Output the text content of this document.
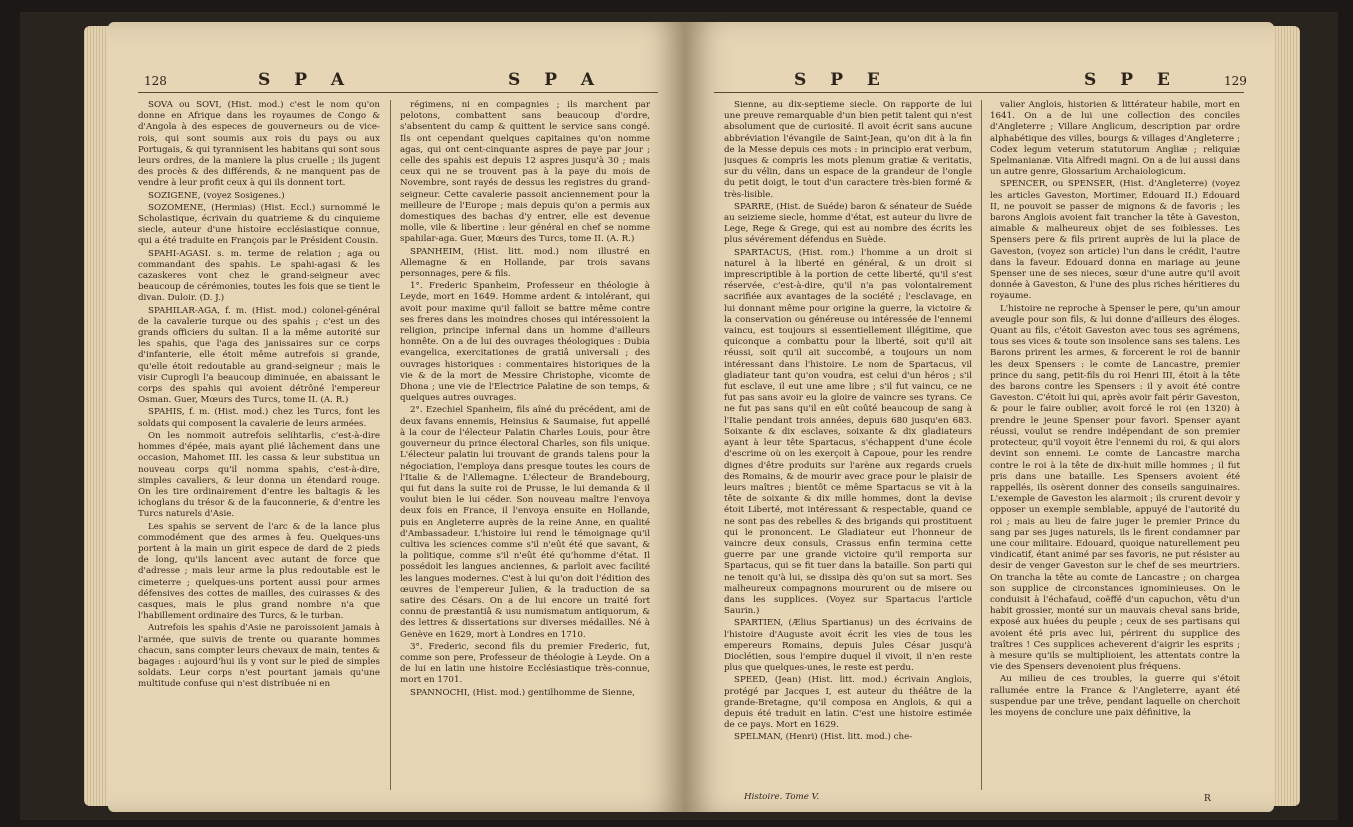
128	S P A	S P A

SOVA ou SOVI, (Hist. mod.) c'est le nom qu'on donne en Afrique dans les royaumes de Congo & d'Angola à des especes de gouverneurs ou de vice-rois, qui sont soumis aux rois du pays ou aux Portugais, & qui tyrannisent les habitans qui sont sous leurs ordres, de la maniere la plus cruelle ; ils jugent des procès & des différends, & ne manquent pas de vendre à leur profit ceux à qui ils donnent tort.

SOZIGENE, (voyez Sosigenes.)

SOZOMENE, (Hermias) (Hist. Eccl.) surnommé le Scholastique, écrivain du quatrieme & du cinquieme siecle, auteur d'une histoire ecclésiastique connue, qui a été traduite en François par le Président Cousin.

SPAHI-AGASI. s. m. terme de relation ; aga ou commandant des spahis. Le spahi-agasi & les cazaskeres vont chez le grand-seigneur avec beaucoup de cérémonies, toutes les fois que se tient le divan. Duloir. (D. J.)

SPAHILAR-AGA, f. m. (Hist. mod.) colonel-général de la cavalerie turque ou des spahis ; c'est un des grands officiers du sultan. Il a la même autorité sur les spahis, que l'aga des janissaires sur ce corps d'infanterie, elle étoit même autrefois si grande, qu'elle étoit redoutable au grand-seigneur ; mais le visir Cuprogli l'a beaucoup diminuée, en abaissant le corps des spahis qui avoient détrôné l'empereur Osman. Guer, Mœurs des Turcs, tome II. (A. R.)

SPAHIS, f. m. (Hist. mod.) chez les Turcs, font les soldats qui composent la cavalerie de leurs armées.

On les nommoit autrefois selihtarlis, c'est-à-dire hommes d'épée, mais ayant plié lâchement dans une occasion, Mahomet III. les cassa & leur substitua un nouveau corps qu'il nomma spahis, c'est-à-dire, simples cavaliers, & leur donna un étendard rouge. On les tire ordinairement d'entre les baltagis & les ichoglans du trésor & de la fauconnerie, & d'entre les Turcs naturels d'Asie.

Les spahis se servent de l'arc & de la lance plus commodément que des armes à feu. Quelques-uns portent à la main un girit espece de dard de 2 pieds de long, qu'ils lancent avec autant de force que d'adresse ; mais leur arme la plus redoutable est le cimeterre ; quelques-uns portent aussi pour armes défensives des cottes de mailles, des cuirasses & des casques, mais le plus grand nombre n'a que l'habillement ordinaire des Turcs, & le turban.

Autrefois les spahis d'Asie ne paroissoient jamais à l'armée, que suivis de trente ou quarante hommes chacun, sans compter leurs chevaux de main, tentes & bagages : aujourd'hui ils y vont sur le pied de simples soldats. Leur corps n'est pourtant jamais qu'une multitude confuse qui n'est distribuée ni en

régimens, ni en compagnies ; ils marchent par pelotons, combattent sans beaucoup d'ordre, s'absentent du camp & quittent le service sans congé. Ils ont cependant quelques capitaines qu'on nomme agas, qui ont cent-cinquante aspres de paye par jour ; celle des spahis est depuis 12 aspres jusqu'à 30 ; mais ceux qui ne se trouvent pas à la paye du mois de Novembre, sont rayés de dessus les registres du grand-seigneur. Cette cavalerie passoit anciennement pour la meilleure de l'Europe ; mais depuis qu'on a permis aux domestiques des bachas d'y entrer, elle est devenue molle, vile & libertine : leur général en chef se nomme spahilar-aga. Guer, Mœurs des Turcs, tome II. (A. R.)

SPANHEIM, (Hist. litt. mod.) nom illustré en Allemagne & en Hollande, par trois savans personnages, pere & fils.

1°. Frederic Spanheim, Professeur en théologie à Leyde, mort en 1649. Homme ardent & intolérant, qui avoit pour maxime qu'il falloit se battre même contre ses freres dans les moindres choses qui intéressoient la religion, principe infernal dans un homme d'ailleurs honnête. On a de lui des ouvrages théologiques : Dubia evangelica, exercitationes de gratiâ universali ; des ouvrages historiques : commentaires historiques de la vie & de la mort de Messire Christophe, vicomte de Dhona ; une vie de l'Electrice Palatine de son temps, & quelques autres ouvrages.

2°. Ezechiel Spanheim, fils aîné du précédent, ami de deux favans ennemis, Heinsius & Saumaise, fut appellé à la cour de l'électeur Palatin Charles Louis, pour être gouverneur du prince électoral Charles, son fils unique. L'électeur palatin lui trouvant de grands talens pour la négociation, l'employa dans presque toutes les cours de l'Italie & de l'Allemagne. L'électeur de Brandebourg, qui fut dans la suite roi de Prusse, le lui demanda & il voulut bien le lui céder. Son nouveau maître l'envoya deux fois en France, il l'envoya ensuite en Hollande, puis en Angleterre auprès de la reine Anne, en qualité d'Ambassadeur. L'histoire lui rend le témoignage qu'il cultiva les sciences comme s'il n'eût été que savant, & la politique, comme s'il n'eût été qu'homme d'état. Il possédoit les langues anciennes, & parloit avec facilité les langues modernes. C'est à lui qu'on doit l'édition des œuvres de l'empereur Julien, & la traduction de sa satire des Césars. On a de lui encore un traité fort connu de præstantiâ & usu numismatum antiquorum, & des lettres & dissertations sur diverses médailles. Né à Genève en 1629, mort à Londres en 1710.

3°. Frederic, second fils du premier Frederic, fut, comme son pere, Professeur de théologie à Leyde. On a de lui en latin une histoire Ecclésiastique très-connue, mort en 1701.

SPANNOCHI, (Hist. mod.) gentilhomme de Sienne,

S P E	S P E	129

Sienne, au dix-septieme siecle. On rapporte de lui une preuve remarquable d'un bien petit talent qui n'est absolument que de curiosité. Il avoit écrit sans aucune abbréviation l'évangile de Saint-Jean, qu'on dit à la fin de la Messe depuis ces mots : in principio erat verbum, jusques & compris les mots plenum gratiæ & veritatis, sur du vélin, dans un espace de la grandeur de l'ongle du petit doigt, le tout d'un caractere très-bien formé & très-lisible.

SPARRE, (Hist. de Suéde) baron & sénateur de Suéde au seizieme siecle, homme d'état, est auteur du livre de Lege, Rege & Grege, qui est au nombre des écrits les plus sévérement défendus en Suède.

SPARTACUS, (Hist. rom.) l'homme a un droit si naturel à la liberté en général, & un droit si imprescriptible à la portion de cette liberté, qu'il s'est réservée, c'est-à-dire, qu'il n'a pas volontairement sacrifiée aux avantages de la société ; l'esclavage, en lui donnant même pour origine la guerre, la victoire & la conservation ou généreuse ou intéressée de l'ennemi vaincu, est toujours si essentiellement illégitime, que quiconque a combattu pour la liberté, soit qu'il ait réussi, soit qu'il ait succombé, a toujours un nom intéressant dans l'histoire. Le nom de Spartacus, vil gladiateur tant qu'on voudra, est celui d'un héros ; s'il fut esclave, il eut une ame libre ; s'il fut vaincu, ce ne fut pas sans avoir eu la gloire de vaincre ses tyrans. Ce ne fut pas sans qu'il en eût coûté beaucoup de sang à l'Italie pendant trois années, depuis 680 jusqu'en 683. Soixante & dix esclaves, soixante & dix gladiateurs ayant à leur tête Spartacus, s'échappent d'une école d'escrime où on les exerçoit à Capoue, pour les rendre dignes d'être produits sur l'arène aux regards cruels des Romains, & de mourir avec grace pour le plaisir de leurs maîtres ; bientôt ce même Spartacus se vit à la tête de soixante & dix mille hommes, dont la devise étoit Liberté, mot intéressant & respectable, quand ce ne sont pas des rebelles & des brigands qui prostituent qui le prononcent. Le Gladiateur eut l'honneur de vaincre deux consuls, Crassus enfin termina cette guerre par une grande victoire qu'il remporta sur Spartacus, qui se fit tuer dans la bataille. Son parti qui ne tenoit qu'à lui, se dissipa dès qu'on sut sa mort. Ses malheureux compagnons moururent ou de misere ou dans les supplices. (Voyez sur Spartacus l'article Saurin.)

SPARTIEN, (Ælius Spartianus) un des écrivains de l'histoire d'Auguste avoit écrit les vies de tous les empereurs Romains, depuis Jules César jusqu'à Dioclétien, sous l'empire duquel il vivoit, il n'en reste plus que quelques-unes, le reste est perdu.

SPEED, (Jean) (Hist. litt. mod.) écrivain Anglois, protégé par Jacques I, est auteur du théâtre de la grande-Bretagne, qu'il composa en Anglois, & qui a depuis été traduit en latin. C'est une histoire estimée de ce pays. Mort en 1629.

SPELMAN, (Henri) (Hist. litt. mod.) che-

valier Anglois, historien & littérateur habile, mort en 1641. On a de lui une collection des conciles d'Angleterre ; Villare Anglicum, description par ordre alphabétique des villes, bourgs & villages d'Angleterre ; Codex legum veterum statutorum Angliæ ; reliquiæ Spelmanianæ. Vita Alfredi magni. On a de lui aussi dans un autre genre, Glossarium Archaiologicum.

SPENCER, ou SPENSER, (Hist. d'Angleterre) (voyez les articles Gaveston, Mortimer, Edouard II.) Edouard II, ne pouvoit se passer de mignons & de favoris ; les barons Anglois avoient fait trancher la tête à Gaveston, aimable & malheureux objet de ses foiblesses. Les Spensers pere & fils prirent auprès de lui la place de Gaveston, (voyez son article) l'un dans le crédit, l'autre dans la faveur. Edouard donna en mariage au jeune Spenser une de ses nieces, sœur d'une autre qu'il avoit donnée à Gaveston, & l'une des plus riches héritieres du royaume.

L'histoire ne reproche à Spenser le pere, qu'un amour aveugle pour son fils, & lui donne d'ailleurs des éloges. Quant au fils, c'étoit Gaveston avec tous ses agrémens, tous ses vices & toute son insolence sans ses talens. Les Barons prirent les armes, & forcerent le roi de bannir les deux Spensers : le comte de Lancastre, premier prince du sang, petit-fils du roi Henri III, étoit à la tête des barons contre les Spensers : il y avoit été contre Gaveston. C'étoit lui qui, après avoir fait périr Gaveston, & pour le faire oublier, avoit forcé le roi (en 1320) à prendre le jeune Spenser pour favori. Spenser ayant réussi, voulut se rendre indépendant de son premier protecteur, qu'il voyoit être l'ennemi du roi, & qui alors devint son ennemi. Le comte de Lancastre marcha contre le roi à la tête de dix-huit mille hommes ; il fut pris dans une bataille. Les Spensers avoient été rappellés, ils osèrent donner des conseils sanguinaires. L'exemple de Gaveston les alarmoit ; ils crurent devoir y opposer un exemple semblable, appuyé de l'autorité du roi ; mais au lieu de faire juger le premier Prince du sang par ses juges naturels, ils le firent condamner par une cour militaire. Edouard, quoique naturellement peu vindicatif, étant animé par ses favoris, ne put résister au desir de venger Gaveston sur le chef de ses meurtriers. On trancha la tête au comte de Lancastre ; on chargea son supplice de circonstances ignominieuses. On le conduisit à l'échafaud, coëffé d'un capuchon, vêtu d'un habit grossier, monté sur un mauvais cheval sans bride, exposé aux huées du peuple ; ceux de ses partisans qui avoient été pris avec lui, périrent du supplice des traîtres ! Ces supplices acheverent d'aigrir les esprits ; à mesure qu'ils se multiplioient, les attentats contre la vie des Spensers devenoient plus fréquens.

Au milieu de ces troubles, la guerre qui s'étoit rallumée entre la France & l'Angleterre, ayant été suspendue par une trêve, pendant laquelle on cherchoit les moyens de conclure une paix définitive, la

Histoire. Tome V.	R
